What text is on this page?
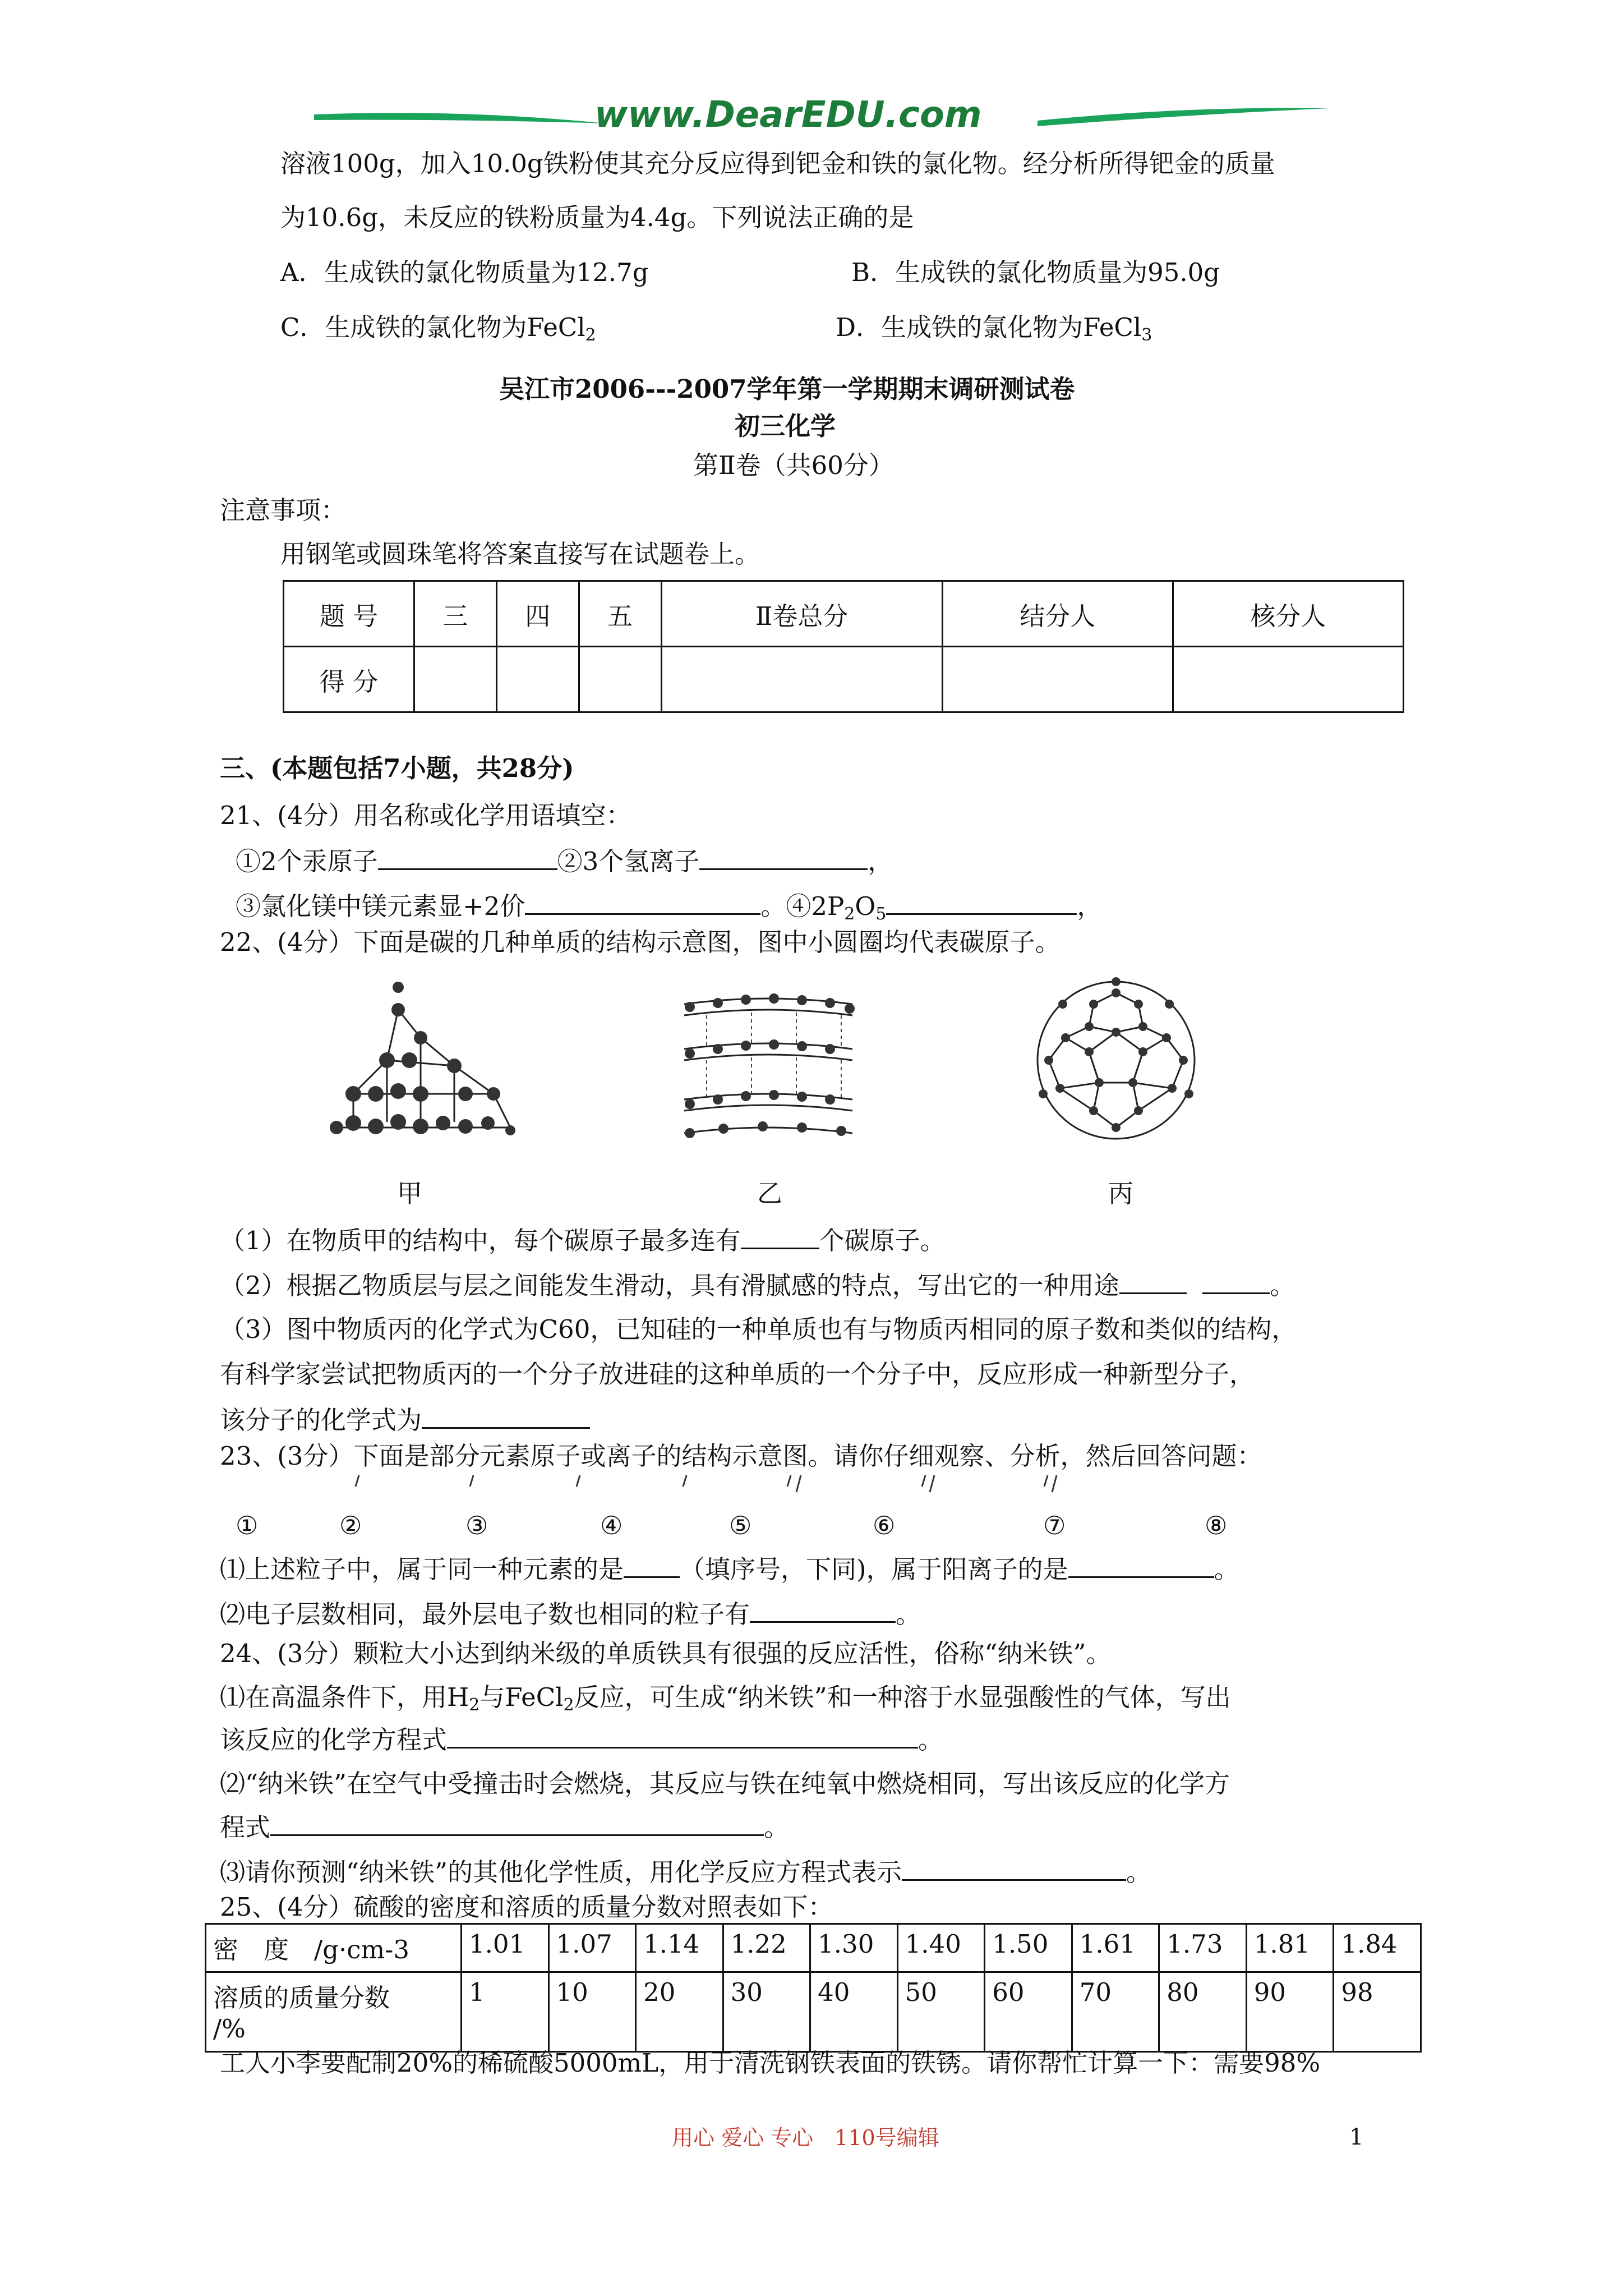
www.DearEDU.com
溶液100g，加入10.0g铁粉使其充分反应得到钯金和铁的氯化物。经分析所得钯金的质量
为10.6g，未反应的铁粉质量为4.4g。下列说法正确的是
A．生成铁的氯化物质量为12.7g	B．生成铁的氯化物质量为95.0g
C．生成铁的氯化物为FeCl$_2$	D．生成铁的氯化物为FeCl$_3$
吴江市2006---2007学年第一学期期末调研测试卷
初三化学
第Ⅱ卷（共60分）
注意事项：
用钢笔或圆珠笔将答案直接写在试题卷上。
题 号	三	四	五	Ⅱ卷总分	结分人	核分人
得 分						
三、(本题包括7小题，共28分)
21、(4分）用名称或化学用语填空：
①2个汞原子	②3个氢离子	，
③氯化镁中镁元素显+2价	。$④2P_2O_5$	，
22、(4分）下面是碳的几种单质的结构示意图，图中小圆圈均代表碳原子。
甲	乙	丙
（1）在物质甲的结构中，每个碳原子最多连有	个碳原子。
（2）根据乙物质层与层之间能发生滑动，具有滑腻感的特点，写出它的一种用途	。
（3）图中物质丙的化学式为C60，已知硅的一种单质也有与物质丙相同的原子数和类似的结构，
有科学家尝试把物质丙的一个分子放进硅的这种单质的一个分子中，反应形成一种新型分子，
该分子的化学式为
23、(3分）下面是部分元素原子或离子的结构示意图。请你仔细观察、分析，然后回答问题：
①	②	③	④	⑤	⑥	⑦	⑧
⑴上述粒子中，属于同一种元素的是 （填序号，下同)，属于阳离子的是	。
⑵电子层数相同，最外层电子数也相同的粒子有	。
24、(3分）颗粒大小达到纳米级的单质铁具有很强的反应活性，俗称“纳米铁”。
⑴在高温条件下，用$H_2$与FeCl$_2$反应，可生成“纳米铁”和一种溶于水显强酸性的气体，写出
该反应的化学方程式	。
⑵“纳米铁”在空气中受撞击时会燃烧，其反应与铁在纯氧中燃烧相同，写出该反应的化学方
程式	。
⑶请你预测“纳米铁”的其他化学性质，用化学反应方程式表示	。
25、(4分）硫酸的密度和溶质的质量分数对照表如下：
密　度　/g·cm-3	1.01	1.07	1.14	1.22	1.30	1.40	1.50	1.61	1.73	1.81	1.84
溶质的质量分数
/%	1	10	20	30	40	50	60	70	80	90	98
工人小李要配制20%的稀硫酸5000mL，用于清洗钢铁表面的铁锈。请你帮忙计算一下：需要98%
用心 爱心 专心　110号编辑	1
